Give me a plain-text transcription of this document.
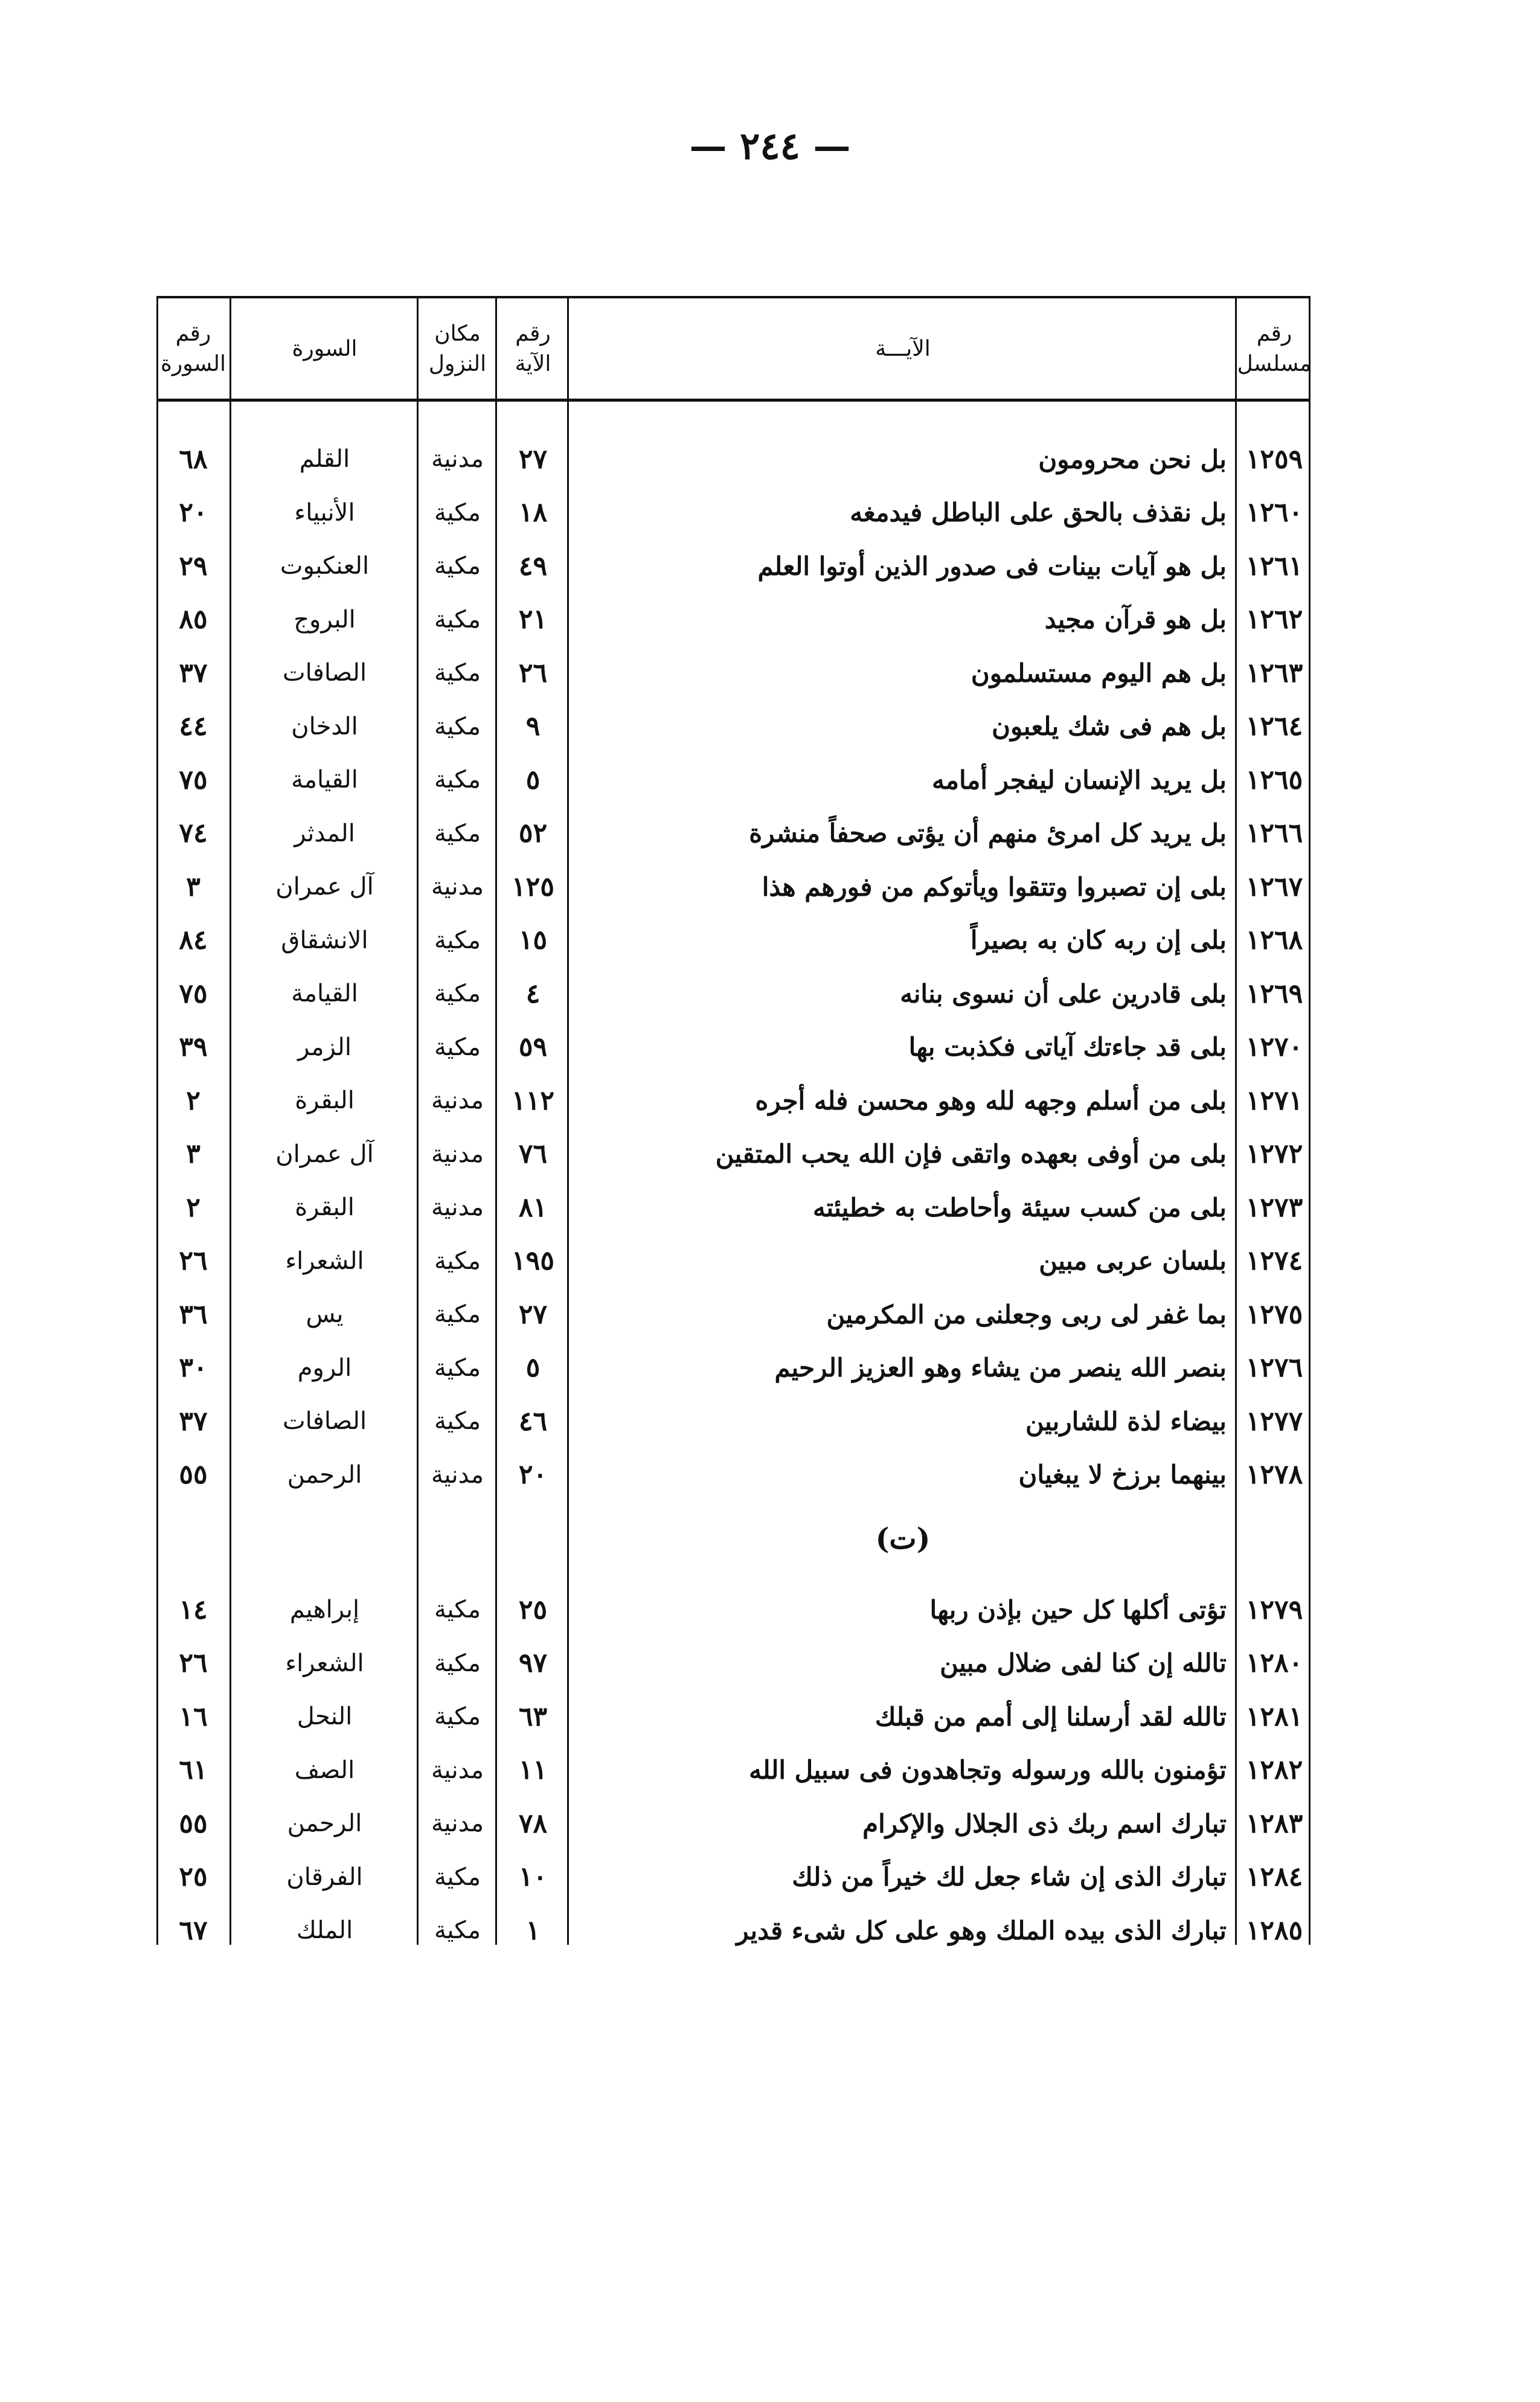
— ٢٤٤ —
رقم
مسلسل
الآيـــة
رقم
الآية
مكان
النزول
السورة
رقم
السورة
١٢٥٩
بل نحن محرومون
٢٧
مدنية
القلم
٦٨
١٢٦٠
بل نقذف بالحق على الباطل فيدمغه
١٨
مكية
الأنبياء
٢٠
١٢٦١
بل هو آيات بينات فى صدور الذين أوتوا العلم
٤٩
مكية
العنكبوت
٢٩
١٢٦٢
بل هو قرآن مجيد
٢١
مكية
البروج
٨٥
١٢٦٣
بل هم اليوم مستسلمون
٢٦
مكية
الصافات
٣٧
١٢٦٤
بل هم فى شك يلعبون
٩
مكية
الدخان
٤٤
١٢٦٥
بل يريد الإنسان ليفجر أمامه
٥
مكية
القيامة
٧٥
١٢٦٦
بل يريد كل امرئ منهم أن يؤتى صحفاً منشرة
٥٢
مكية
المدثر
٧٤
١٢٦٧
بلى إن تصبروا وتتقوا ويأتوكم من فورهم هذا
١٢٥
مدنية
آل عمران
٣
١٢٦٨
بلى إن ربه كان به بصيراً
١٥
مكية
الانشقاق
٨٤
١٢٦٩
بلى قادرين على أن نسوى بنانه
٤
مكية
القيامة
٧٥
١٢٧٠
بلى قد جاءتك آياتى فكذبت بها
٥٩
مكية
الزمر
٣٩
١٢٧١
بلى من أسلم وجهه لله وهو محسن فله أجره
١١٢
مدنية
البقرة
٢
١٢٧٢
بلى من أوفى بعهده واتقى فإن الله يحب المتقين
٧٦
مدنية
آل عمران
٣
١٢٧٣
بلى من كسب سيئة وأحاطت به خطيئته
٨١
مدنية
البقرة
٢
١٢٧٤
بلسان عربى مبين
١٩٥
مكية
الشعراء
٢٦
١٢٧٥
بما غفر لى ربى وجعلنى من المكرمين
٢٧
مكية
يس
٣٦
١٢٧٦
بنصر الله ينصر من يشاء وهو العزيز الرحيم
٥
مكية
الروم
٣٠
١٢٧٧
بيضاء لذة للشاربين
٤٦
مكية
الصافات
٣٧
١٢٧٨
بينهما برزخ لا يبغيان
٢٠
مدنية
الرحمن
٥٥
(ت)
١٢٧٩
تؤتى أكلها كل حين بإذن ربها
٢٥
مكية
إبراهيم
١٤
١٢٨٠
تالله إن كنا لفى ضلال مبين
٩٧
مكية
الشعراء
٢٦
١٢٨١
تالله لقد أرسلنا إلى أمم من قبلك
٦٣
مكية
النحل
١٦
١٢٨٢
تؤمنون بالله ورسوله وتجاهدون فى سبيل الله
١١
مدنية
الصف
٦١
١٢٨٣
تبارك اسم ربك ذى الجلال والإكرام
٧٨
مدنية
الرحمن
٥٥
١٢٨٤
تبارك الذى إن شاء جعل لك خيراً من ذلك
١٠
مكية
الفرقان
٢٥
١٢٨٥
تبارك الذى بيده الملك وهو على كل شىء قدير
١
مكية
الملك
٦٧
